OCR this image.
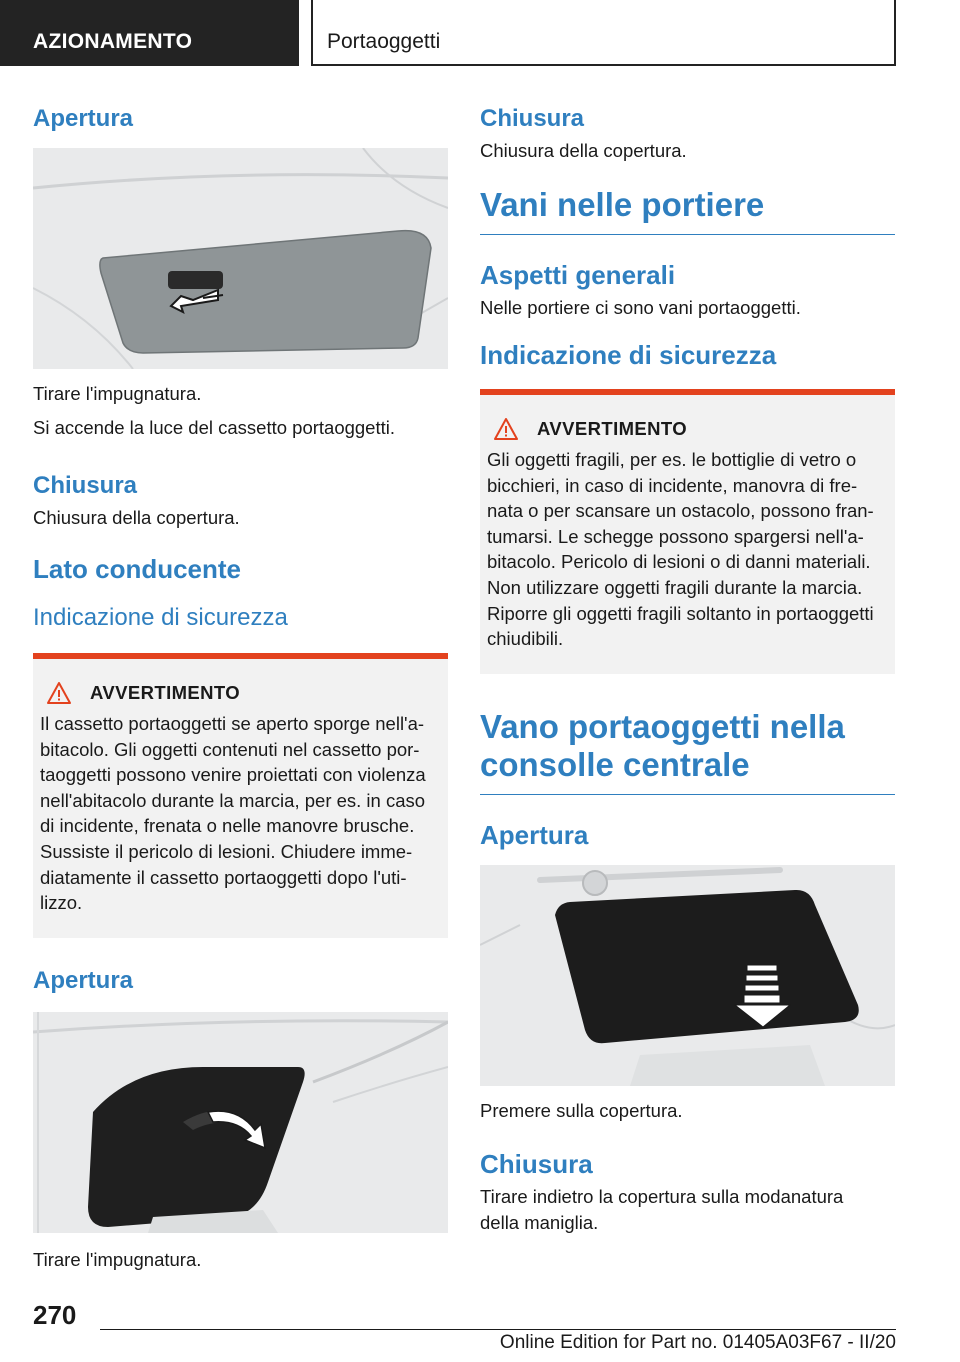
AZIONAMENTO	Portaoggetti
Apertura
Tirare l'impugnatura.
Si accende la luce del cassetto portaoggetti.
Chiusura
Chiusura della copertura.
Lato conducente
Indicazione di sicurezza
AVVERTIMENTO
Il cassetto portaoggetti se aperto sporge nell'a-
bitacolo. Gli oggetti contenuti nel cassetto por-
taoggetti possono venire proiettati con violenza
nell'abitacolo durante la marcia, per es. in caso
di incidente, frenata o nelle manovre brusche.
Sussiste il pericolo di lesioni. Chiudere imme-
diatamente il cassetto portaoggetti dopo l'uti-
lizzo.
Apertura
Tirare l'impugnatura.
Chiusura
Chiusura della copertura.
Vani nelle portiere
Aspetti generali
Nelle portiere ci sono vani portaoggetti.
Indicazione di sicurezza
AVVERTIMENTO
Gli oggetti fragili, per es. le bottiglie di vetro o
bicchieri, in caso di incidente, manovra di fre-
nata o per scansare un ostacolo, possono fran-
tumarsi. Le schegge possono spargersi nell'a-
bitacolo. Pericolo di lesioni o di danni materiali.
Non utilizzare oggetti fragili durante la marcia.
Riporre gli oggetti fragili soltanto in portaoggetti
chiudibili.
Vano portaoggetti nella
consolle centrale
Apertura
Premere sulla copertura.
Chiusura
Tirare indietro la copertura sulla modanatura
della maniglia.
270
Online Edition for Part no. 01405A03F67 - II/20
